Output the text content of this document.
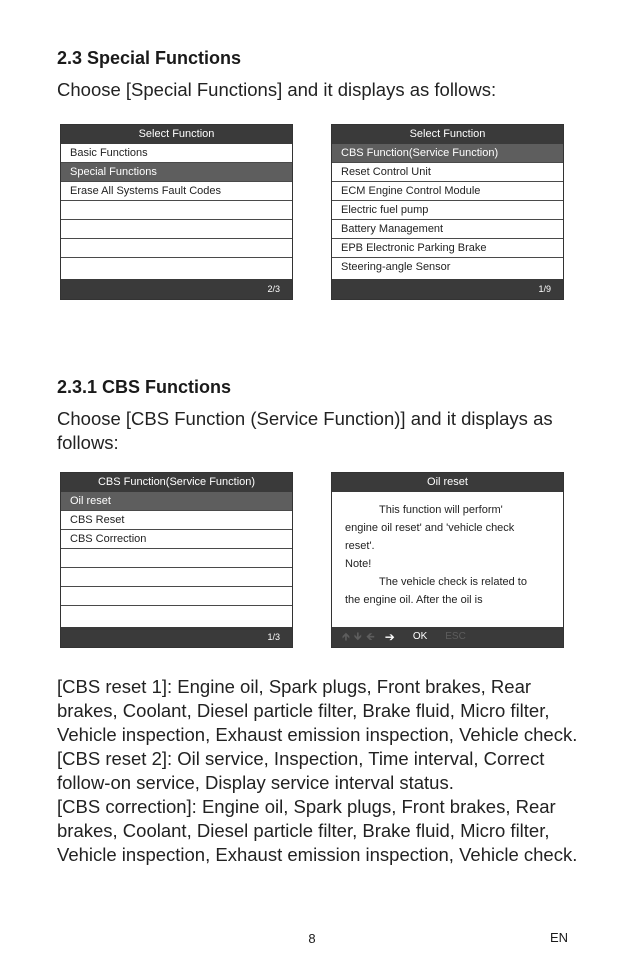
2.3 Special Functions
Choose [Special Functions] and it displays as follows:
Select Function
Basic Functions
Special Functions
Erase All Systems Fault Codes
2/3
Select Function
CBS Function(Service Function)
Reset Control Unit
ECM Engine Control Module
Electric fuel pump
Battery Management
EPB Electronic Parking Brake
Steering-angle Sensor
1/9
2.3.1 CBS Functions
Choose [CBS Function (Service Function)] and it displays as
follows:
CBS Function(Service Function)
Oil reset
CBS Reset
CBS Correction
1/3
Oil reset
This function will perform'
engine oil reset' and 'vehicle check
reset'.
Note!
The vehicle check is related to
the engine oil. After the oil is
🡹 🡻 🡸 ➔ OK ESC
[CBS reset 1]: Engine oil, Spark plugs, Front brakes, Rear
brakes, Coolant, Diesel particle filter, Brake fluid, Micro filter,
Vehicle inspection, Exhaust emission inspection, Vehicle check.
[CBS reset 2]: Oil service, Inspection, Time interval, Correct
follow-on service, Display service interval status.
[CBS correction]: Engine oil, Spark plugs, Front brakes, Rear
brakes, Coolant, Diesel particle filter, Brake fluid, Micro filter,
Vehicle inspection, Exhaust emission inspection, Vehicle check.
8	EN
